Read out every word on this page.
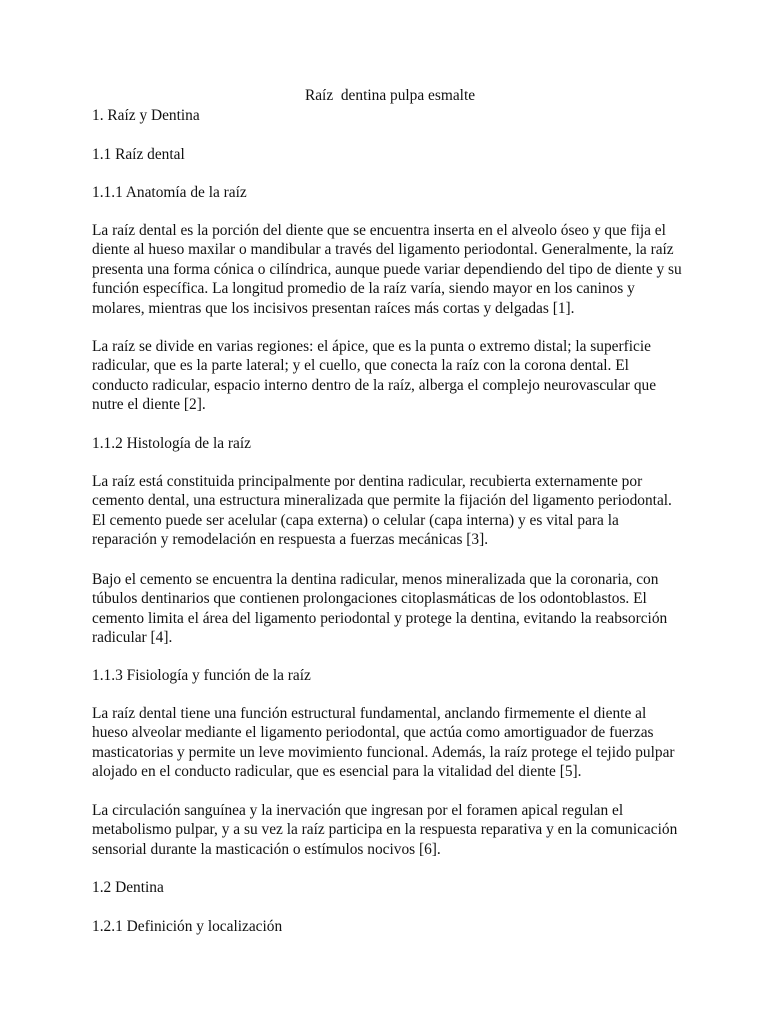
Raíz  dentina pulpa esmalte

1. Raíz y Dentina

1.1 Raíz dental

1.1.1 Anatomía de la raíz

La raíz dental es la porción del diente que se encuentra inserta en el alveolo óseo y que fija el diente al hueso maxilar o mandibular a través del ligamento periodontal. Generalmente, la raíz presenta una forma cónica o cilíndrica, aunque puede variar dependiendo del tipo de diente y su función específica. La longitud promedio de la raíz varía, siendo mayor en los caninos y molares, mientras que los incisivos presentan raíces más cortas y delgadas [1].

La raíz se divide en varias regiones: el ápice, que es la punta o extremo distal; la superficie radicular, que es la parte lateral; y el cuello, que conecta la raíz con la corona dental. El conducto radicular, espacio interno dentro de la raíz, alberga el complejo neurovascular que nutre el diente [2].

1.1.2 Histología de la raíz

La raíz está constituida principalmente por dentina radicular, recubierta externamente por cemento dental, una estructura mineralizada que permite la fijación del ligamento periodontal. El cemento puede ser acelular (capa externa) o celular (capa interna) y es vital para la reparación y remodelación en respuesta a fuerzas mecánicas [3].

Bajo el cemento se encuentra la dentina radicular, menos mineralizada que la coronaria, con túbulos dentinarios que contienen prolongaciones citoplasmáticas de los odontoblastos. El cemento limita el área del ligamento periodontal y protege la dentina, evitando la reabsorción radicular [4].

1.1.3 Fisiología y función de la raíz

La raíz dental tiene una función estructural fundamental, anclando firmemente el diente al hueso alveolar mediante el ligamento periodontal, que actúa como amortiguador de fuerzas masticatorias y permite un leve movimiento funcional. Además, la raíz protege el tejido pulpar alojado en el conducto radicular, que es esencial para la vitalidad del diente [5].

La circulación sanguínea y la inervación que ingresan por el foramen apical regulan el metabolismo pulpar, y a su vez la raíz participa en la respuesta reparativa y en la comunicación sensorial durante la masticación o estímulos nocivos [6].

1.2 Dentina

1.2.1 Definición y localización
